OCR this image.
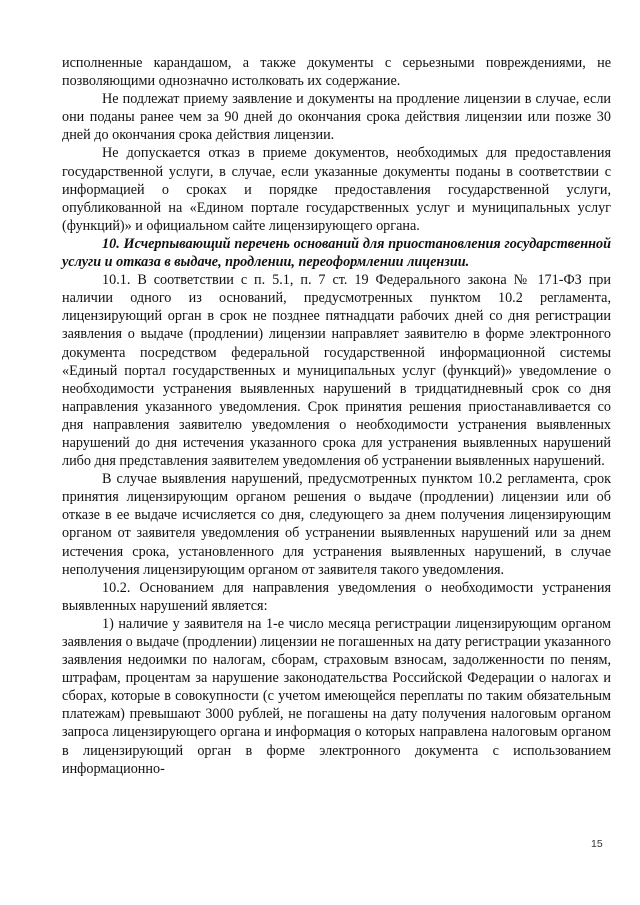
исполненные карандашом, а также документы с серьезными повреждениями, не позволяющими однозначно истолковать их содержание.

Не подлежат приему заявление и документы на продление лицензии в случае, если они поданы ранее чем за 90 дней до окончания срока действия лицензии или позже 30 дней до окончания срока действия лицензии.

Не допускается отказ в приеме документов, необходимых для предоставления государственной услуги, в случае, если указанные документы поданы в соответствии с информацией о сроках и порядке предоставления государственной услуги, опубликованной на «Едином портале государственных услуг и муниципальных услуг (функций)» и официальном сайте лицензирующего органа.

10. Исчерпывающий перечень оснований для приостановления государственной услуги и отказа в выдаче, продлении, переоформлении лицензии.

10.1. В соответствии с п. 5.1, п. 7 ст. 19 Федерального закона № 171-ФЗ при наличии одного из оснований, предусмотренных пунктом 10.2 регламента, лицензирующий орган в срок не позднее пятнадцати рабочих дней со дня регистрации заявления о выдаче (продлении) лицензии направляет заявителю в форме электронного документа посредством федеральной государственной информационной системы «Единый портал государственных и муниципальных услуг (функций)» уведомление о необходимости устранения выявленных нарушений в тридцатидневный срок со дня направления указанного уведомления. Срок принятия решения приостанавливается со дня направления заявителю уведомления о необходимости устранения выявленных нарушений до дня истечения указанного срока для устранения выявленных нарушений либо дня представления заявителем уведомления об устранении выявленных нарушений.

В случае выявления нарушений, предусмотренных пунктом 10.2 регламента, срок принятия лицензирующим органом решения о выдаче (продлении) лицензии или об отказе в ее выдаче исчисляется со дня, следующего за днем получения лицензирующим органом от заявителя уведомления об устранении выявленных нарушений или за днем истечения срока, установленного для устранения выявленных нарушений, в случае неполучения лицензирующим органом от заявителя такого уведомления.

10.2. Основанием для направления уведомления о необходимости устранения выявленных нарушений является:

1) наличие у заявителя на 1-е число месяца регистрации лицензирующим органом заявления о выдаче (продлении) лицензии не погашенных на дату регистрации указанного заявления недоимки по налогам, сборам, страховым взносам, задолженности по пеням, штрафам, процентам за нарушение законодательства Российской Федерации о налогах и сборах, которые в совокупности (с учетом имеющейся переплаты по таким обязательным платежам) превышают 3000 рублей, не погашены на дату получения налоговым органом запроса лицензирующего органа и информация о которых направлена налоговым органом в лицензирующий орган в форме электронного документа с использованием информационно-

15
